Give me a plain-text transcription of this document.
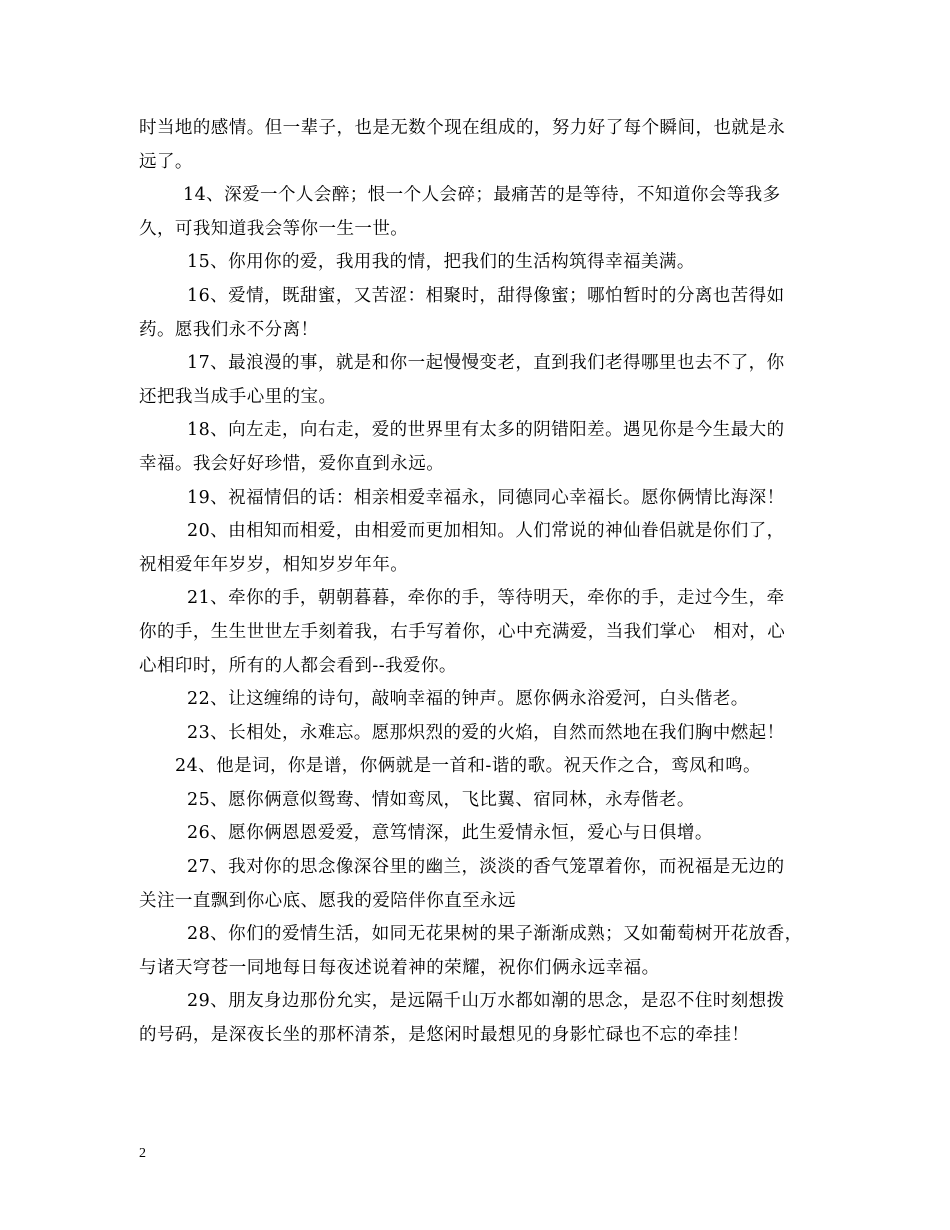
时当地的感情。但一辈子，也是无数个现在组成的，努力好了每个瞬间，也就是永
远了。
14、深爱一个人会醉；恨一个人会碎；最痛苦的是等待，不知道你会等我多
久，可我知道我会等你一生一世。
15、你用你的爱，我用我的情，把我们的生活构筑得幸福美满。
16、爱情，既甜蜜，又苦涩：相聚时，甜得像蜜；哪怕暂时的分离也苦得如
药。愿我们永不分离！
17、最浪漫的事，就是和你一起慢慢变老，直到我们老得哪里也去不了，你
还把我当成手心里的宝。
18、向左走，向右走，爱的世界里有太多的阴错阳差。遇见你是今生最大的
幸福。我会好好珍惜，爱你直到永远。
19、祝福情侣的话：相亲相爱幸福永，同德同心幸福长。愿你俩情比海深！
20、由相知而相爱，由相爱而更加相知。人们常说的神仙眷侣就是你们了，
祝相爱年年岁岁，相知岁岁年年。
21、牵你的手，朝朝暮暮，牵你的手，等待明天，牵你的手，走过今生，牵
你的手，生生世世左手刻着我，右手写着你，心中充满爱，当我们掌心　相对，心
心相印时，所有的人都会看到--我爱你。
22、让这缠绵的诗句，敲响幸福的钟声。愿你俩永浴爱河，白头偕老。
23、长相处，永难忘。愿那炽烈的爱的火焰，自然而然地在我们胸中燃起！
24、他是词，你是谱，你俩就是一首和-谐的歌。祝天作之合，鸾凤和鸣。
25、愿你俩意似鸳鸯、情如鸾凤，飞比翼、宿同林，永寿偕老。
26、愿你俩恩恩爱爱，意笃情深，此生爱情永恒，爱心与日俱增。
27、我对你的思念像深谷里的幽兰，淡淡的香气笼罩着你，而祝福是无边的
关注一直飘到你心底、愿我的爱陪伴你直至永远
28、你们的爱情生活，如同无花果树的果子渐渐成熟；又如葡萄树开花放香，
与诸天穹苍一同地每日每夜述说着神的荣耀，祝你们俩永远幸福。
29、朋友身边那份允实，是远隔千山万水都如潮的思念，是忍不住时刻想拨
的号码，是深夜长坐的那杯清茶，是悠闲时最想见的身影忙碌也不忘的牵挂！
2
